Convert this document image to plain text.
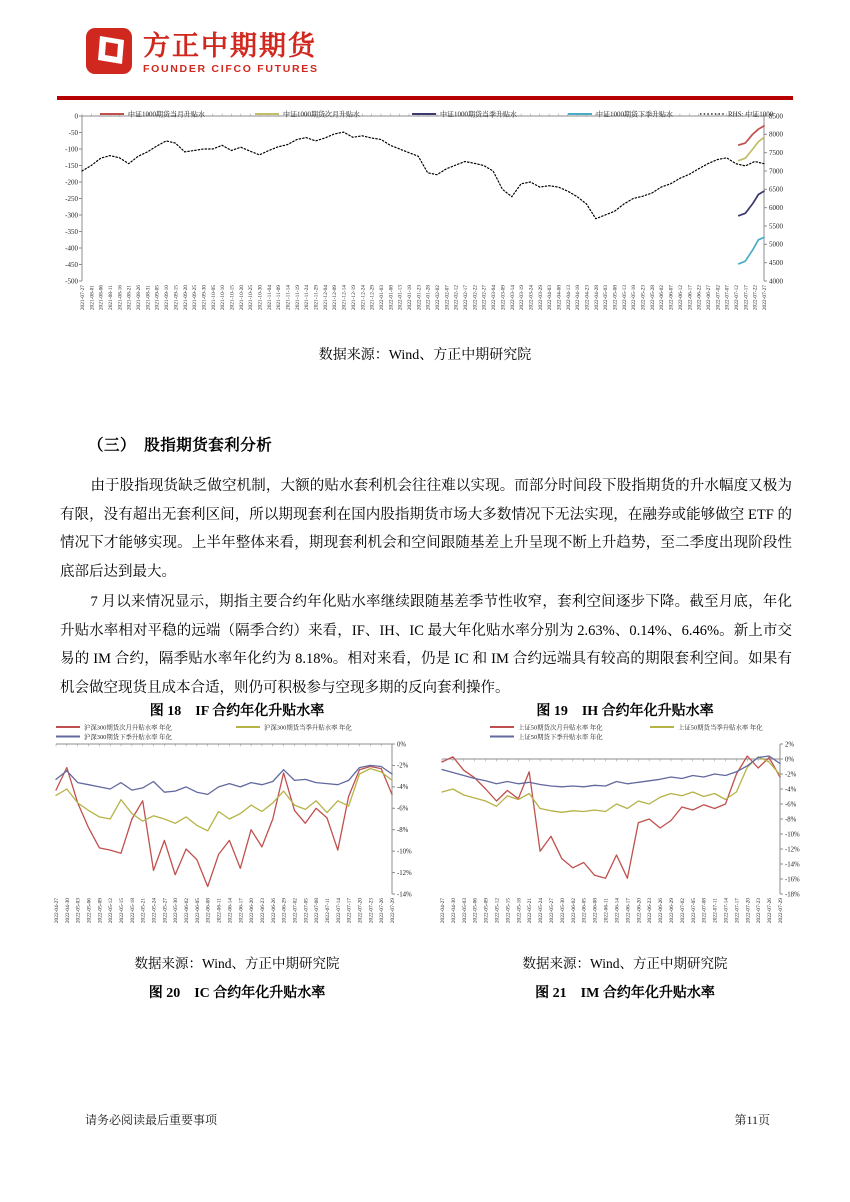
方正中期期货
FOUNDER CIFCO FUTURES
0
-50
-100
-150
-200
-250
-300
-350
-400
-450
-500
8500
8000
7500
7000
6500
6000
5500
5000
4500
4000
2021-07-27 2021-08-01 2021-08-06 2021-08-11 2021-08-16 2021-08-21 2021-08-26 2021-08-31 2021-09-05 2021-09-10 2021-09-15 2021-09-20 2021-09-25 2021-09-30 2021-10-05 2021-10-10 2021-10-15 2021-10-20 2021-10-25 2021-10-30 2021-11-04 2021-11-09 2021-11-14 2021-11-19 2021-11-24 2021-11-29 2021-12-04 2021-12-09 2021-12-14 2021-12-19 2021-12-24 2021-12-29 2022-01-03 2022-01-08 2022-01-13 2022-01-18 2022-01-23 2022-01-28 2022-02-02 2022-02-07 2022-02-12 2022-02-17 2022-02-22 2022-02-27 2022-03-04 2022-03-09 2022-03-14 2022-03-19 2022-03-24 2022-03-29 2022-04-03 2022-04-08 2022-04-13 2022-04-18 2022-04-23 2022-04-28 2022-05-03 2022-05-08 2022-05-13 2022-05-18 2022-05-23 2022-05-28 2022-06-02 2022-06-07 2022-06-12 2022-06-17 2022-06-22 2022-06-27 2022-07-02 2022-07-07 2022-07-12 2022-07-17 2022-07-22 2022-07-27
中证1000期货当月升贴水	中证1000期货次月升贴水	中证1000期货当季升贴水	中证1000期货下季升贴水	RHS: 中证1000
数据来源：Wind、方正中期研究院
（三）　股指期货套利分析
由于股指现货缺乏做空机制，大额的贴水套利机会往往难以实现。而部分时间段下股指期货的升水幅度又极为有限，没有超出无套利区间，所以期现套利在国内股指期货市场大多数情况下无法实现，在融券或能够做空 ETF 的情况下才能够实现。上半年整体来看，期现套利机会和空间跟随基差上升呈现不断上升趋势，至二季度出现阶段性底部后达到最大。
7 月以来情况显示，期指主要合约年化贴水率继续跟随基差季节性收窄，套利空间逐步下降。截至月底，年化升贴水率相对平稳的远端（隔季合约）来看，IF、IH、IC 最大年化贴水率分别为 2.63%、0.14%、6.46%。新上市交易的 IM 合约，隔季贴水率年化约为 8.18%。相对来看，仍是 IC 和 IM 合约远端具有较高的期限套利空间。如果有机会做空现货且成本合适，则仍可积极参与空现多期的反向套利操作。
图 18　IF 合约年化升贴水率	图 19　IH 合约年化升贴水率
0%
-2%
-4%
-6%
-8%
-10%
-12%
-14%
2022-04-27 2022-04-30 2022-05-03 2022-05-06 2022-05-09 2022-05-12 2022-05-15 2022-05-18 2022-05-21 2022-05-24 2022-05-27 2022-05-30 2022-06-02 2022-06-05 2022-06-08 2022-06-11 2022-06-14 2022-06-17 2022-06-20 2022-06-23 2022-06-26 2022-06-29 2022-07-02 2022-07-05 2022-07-08 2022-07-11 2022-07-14 2022-07-17 2022-07-20 2022-07-23 2022-07-26 2022-07-29
沪深300期货次月升贴水率 年化	沪深300期货当季升贴水率 年化
沪深300期货下季升贴水率 年化
2%
0%
-2%
-4%
-6%
-8%
-10%
-12%
-14%
-16%
-18%
2022-04-27 2022-04-30 2022-05-03 2022-05-06 2022-05-09 2022-05-12 2022-05-15 2022-05-18 2022-05-21 2022-05-24 2022-05-27 2022-05-30 2022-06-02 2022-06-05 2022-06-08 2022-06-11 2022-06-14 2022-06-17 2022-06-20 2022-06-23 2022-06-26 2022-06-29 2022-07-02 2022-07-05 2022-07-08 2022-07-11 2022-07-14 2022-07-17 2022-07-20 2022-07-23 2022-07-26 2022-07-29
上证50期货次月升贴水率 年化	上证50期货当季升贴水率 年化
上证50期货下季升贴水率 年化
数据来源：Wind、方正中期研究院	数据来源：Wind、方正中期研究院
图 20　IC 合约年化升贴水率	图 21　IM 合约年化升贴水率
请务必阅读最后重要事项	第11页
